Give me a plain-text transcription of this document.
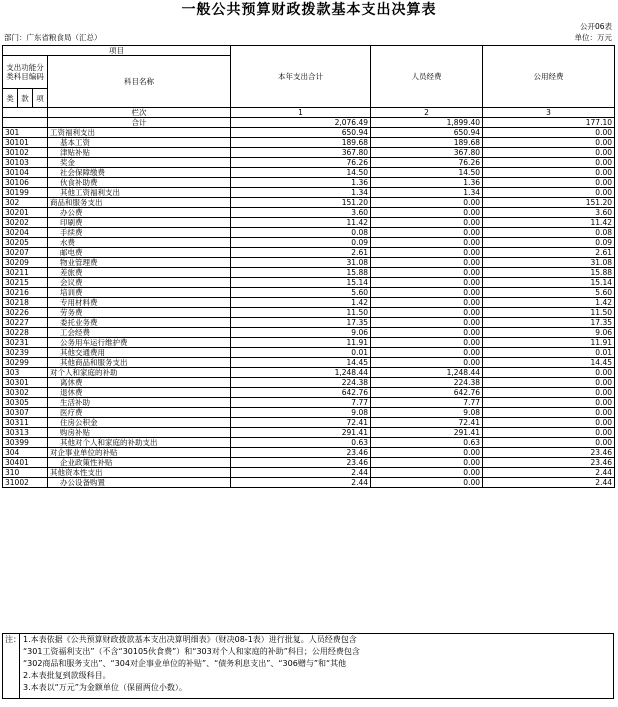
一般公共预算财政拨款基本支出决算表
公开06表
部门：广东省粮食局（汇总）	单位：万元
项目				本年支出合计	人员经费	公用经费
支出功能分类科目编码			科目名称			

类	款	项				
			栏次	1	2	3
			合计	2,076.49	1,899.40	177.10
301			工资福利支出	650.94	650.94	0.00
30101			基本工资	189.68	189.68	0.00
30102			津贴补贴	367.80	367.80	0.00
30103			奖金	76.26	76.26	0.00
30104			社会保障缴费	14.50	14.50	0.00
30106			伙食补助费	1.36	1.36	0.00
30199			其他工资福利支出	1.34	1.34	0.00
302			商品和服务支出	151.20	0.00	151.20
30201			办公费	3.60	0.00	3.60
30202			印刷费	11.42	0.00	11.42
30204			手续费	0.08	0.00	0.08
30205			水费	0.09	0.00	0.09
30207			邮电费	2.61	0.00	2.61
30209			物业管理费	31.08	0.00	31.08
30211			差旅费	15.88	0.00	15.88
30215			会议费	15.14	0.00	15.14
30216			培训费	5.60	0.00	5.60
30218			专用材料费	1.42	0.00	1.42
30226			劳务费	11.50	0.00	11.50
30227			委托业务费	17.35	0.00	17.35
30228			工会经费	9.06	0.00	9.06
30231			公务用车运行维护费	11.91	0.00	11.91
30239			其他交通费用	0.01	0.00	0.01
30299			其他商品和服务支出	14.45	0.00	14.45
303			对个人和家庭的补助	1,248.44	1,248.44	0.00
30301			离休费	224.38	224.38	0.00
30302			退休费	642.76	642.76	0.00
30305			生活补助	7.77	7.77	0.00
30307			医疗费	9.08	9.08	0.00
30311			住房公积金	72.41	72.41	0.00
30313			购房补贴	291.41	291.41	0.00
30399			其他对个人和家庭的补助支出	0.63	0.63	0.00
304			对企事业单位的补贴	23.46	0.00	23.46
30401			企业政策性补贴	23.46	0.00	23.46
310			其他资本性支出	2.44	0.00	2.44
31002			办公设备购置	2.44	0.00	2.44
注： 1.本表依据《公共预算财政拨款基本支出决算明细表》（财决08-1表）进行批复。人员经费包含
“301工资福利支出”（不含“30105伙食费”）和“303对个人和家庭的补助”科目；公用经费包含
“302商品和服务支出”、“304对企事业单位的补贴”、“债务利息支出”、“306赠与”和“其他
2.本表批复到款级科目。
3.本表以“万元”为金额单位（保留两位小数）。
